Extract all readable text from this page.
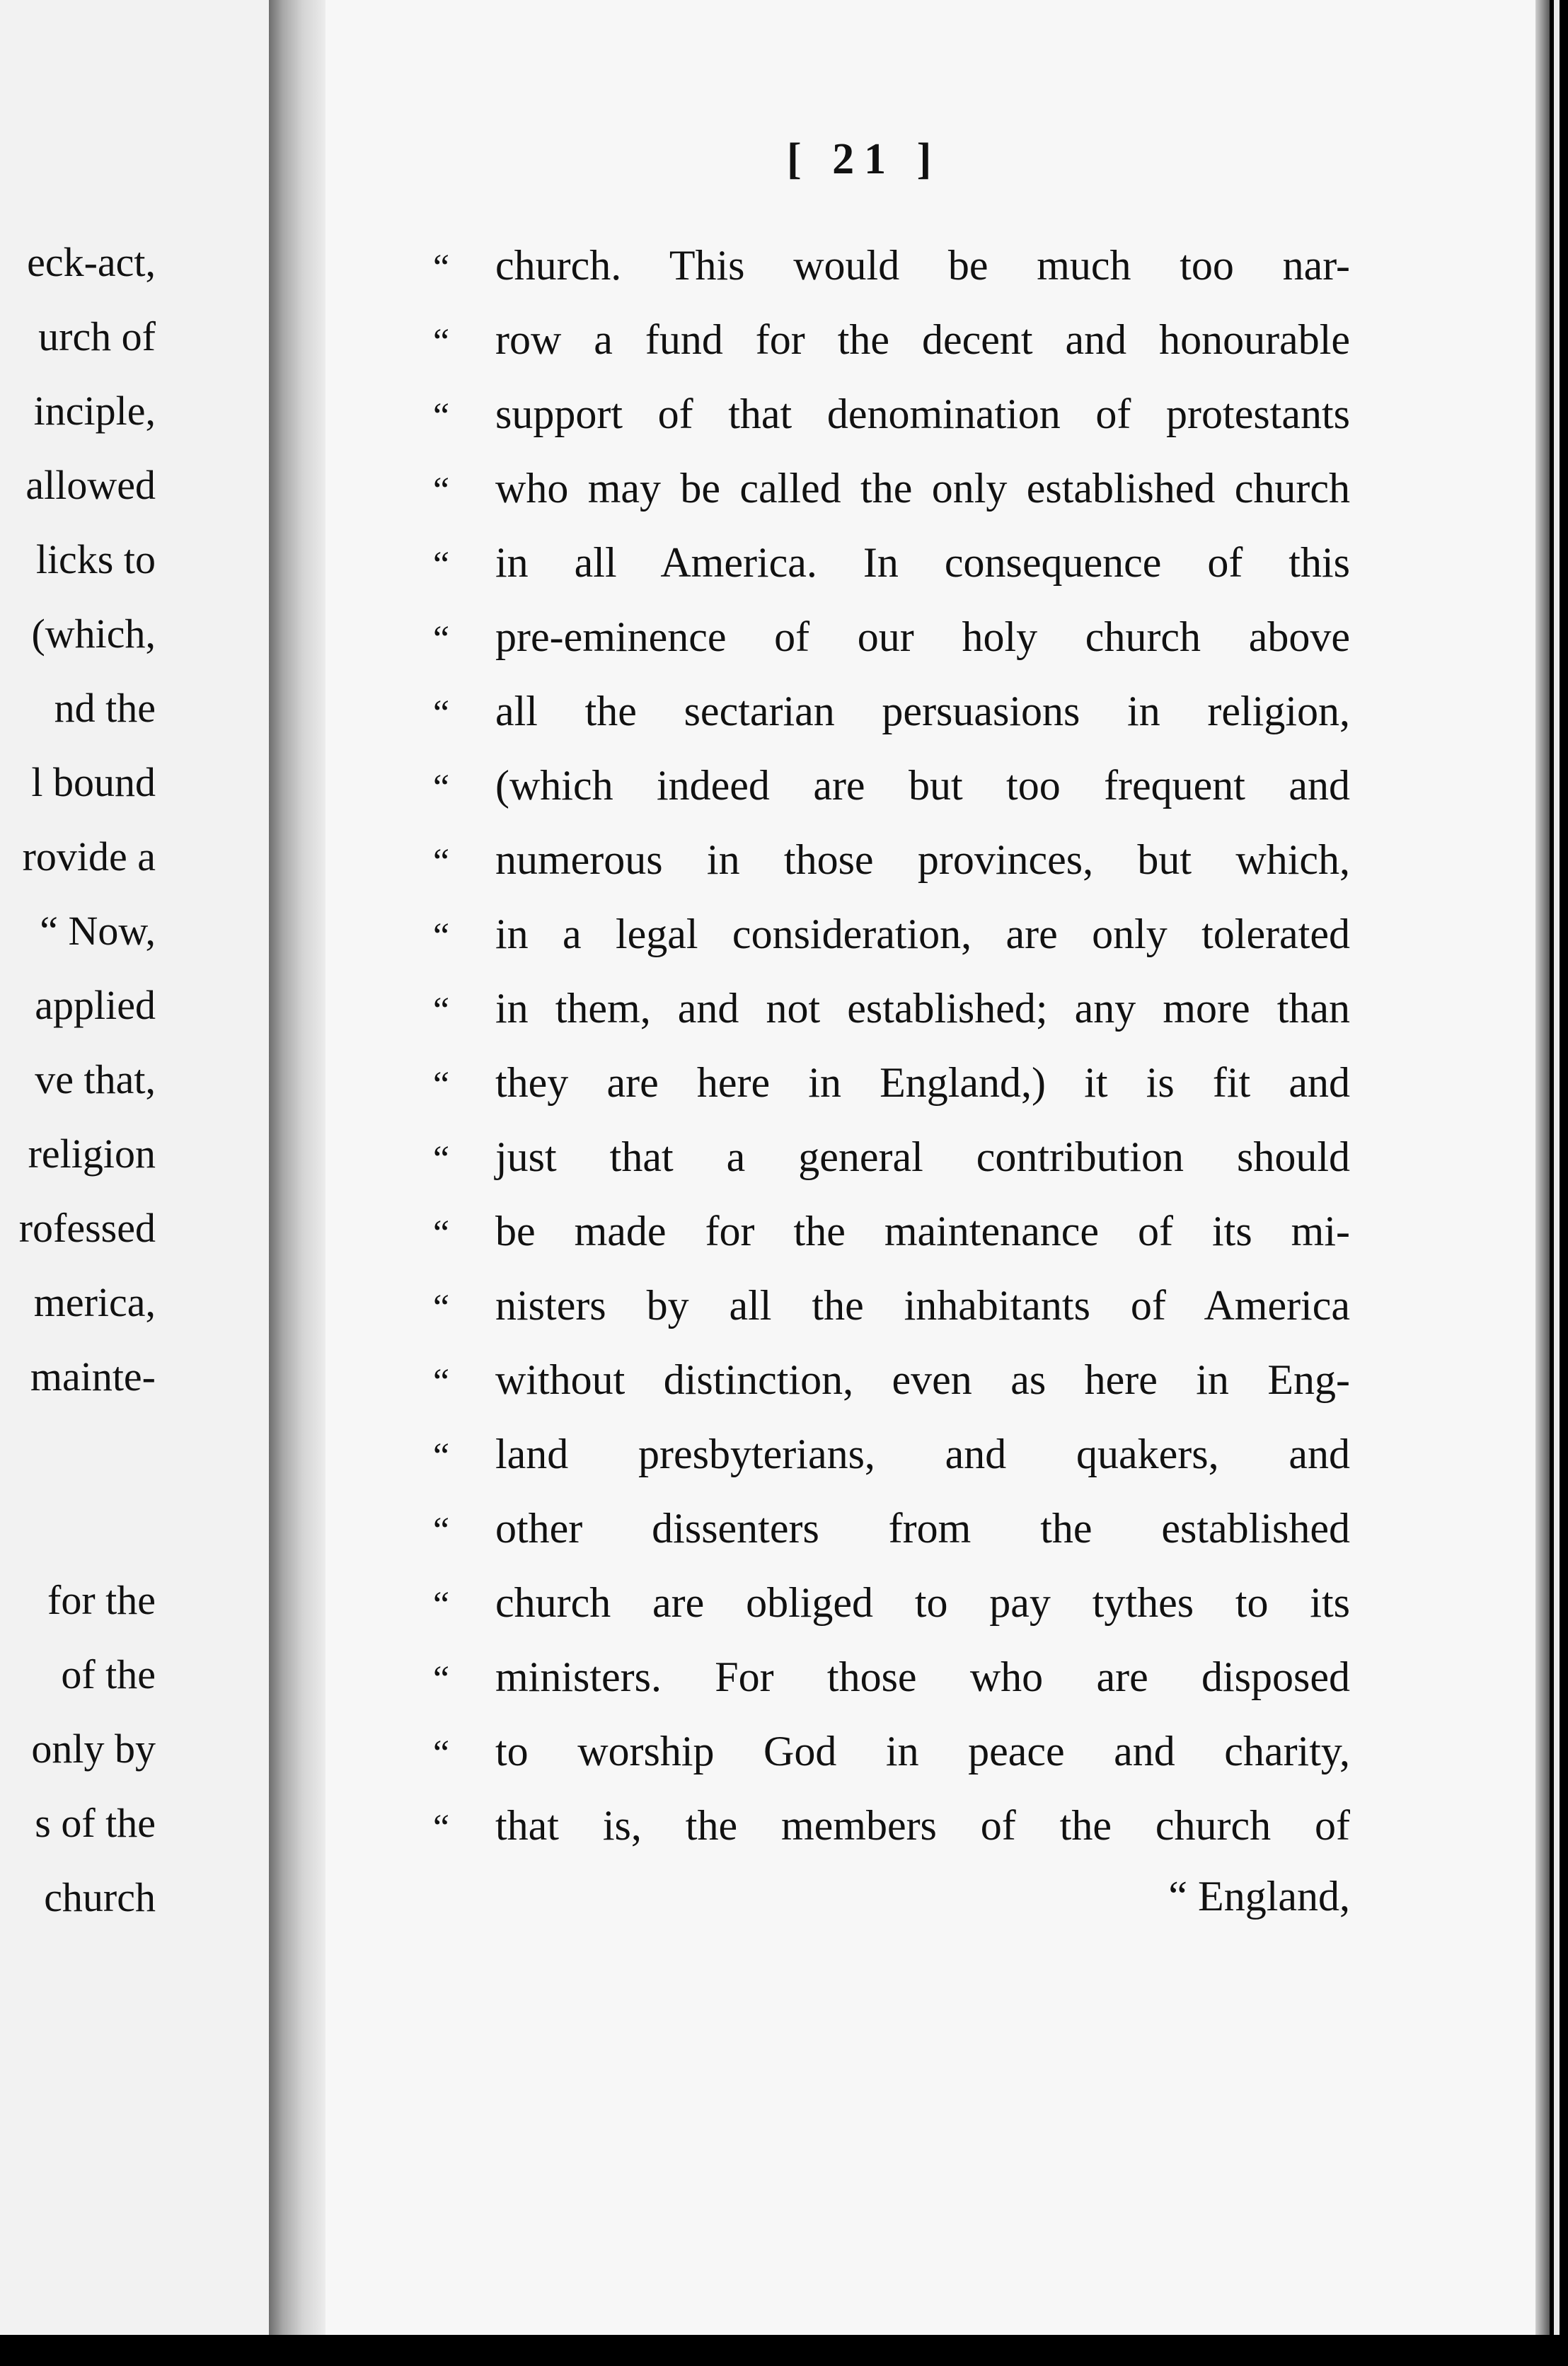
eck-act,
urch of
inciple,
allowed
licks to
(which,
nd the
l bound
rovide a
“ Now,
applied
ve that,
religion
rofessed
merica,
mainte-
for the
of the
only by
s of the
church
[ 21 ]
“	church. This would be much too nar-
“	row a fund for the decent and honourable
“	support of that denomination of protestants
“	who may be called the only established church
“	in all America. In consequence of this
“	pre-eminence of our holy church above
“	all the sectarian persuasions in religion,
“	(which indeed are but too frequent and
“	numerous in those provinces, but which,
“	in a legal consideration, are only tolerated
“	in them, and not established; any more than
“	they are here in England,) it is fit and
“	just that a general contribution should
“	be made for the maintenance of its mi-
“	nisters by all the inhabitants of America
“	without distinction, even as here in Eng-
“	land presbyterians, and quakers, and
“	other dissenters from the established
“	church are obliged to pay tythes to its
“	ministers. For those who are disposed
“	to worship God in peace and charity,
“	that is, the members of the church of
“ England,
